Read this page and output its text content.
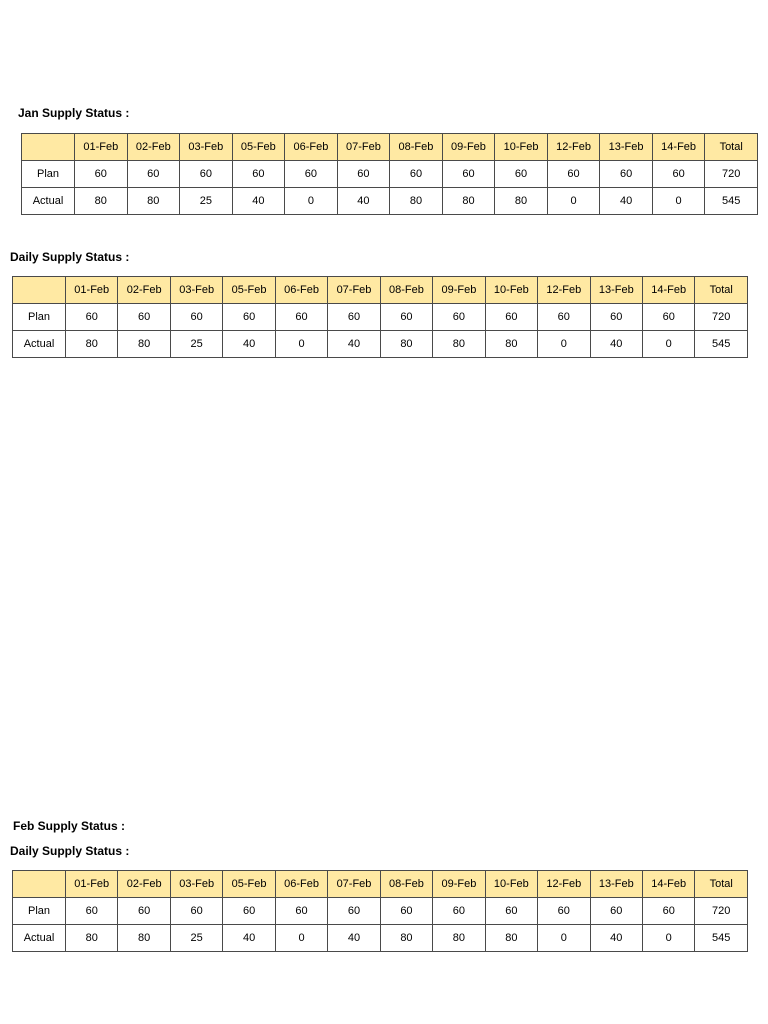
Jan Supply Status :
	01-Feb	02-Feb	03-Feb	05-Feb	06-Feb	07-Feb	08-Feb	09-Feb	10-Feb	12-Feb	13-Feb	14-Feb	Total
Plan	60	60	60	60	60	60	60	60	60	60	60	60	720
Actual	80	80	25	40	0	40	80	80	80	0	40	0	545
Daily Supply Status :
	01-Feb	02-Feb	03-Feb	05-Feb	06-Feb	07-Feb	08-Feb	09-Feb	10-Feb	12-Feb	13-Feb	14-Feb	Total
Plan	60	60	60	60	60	60	60	60	60	60	60	60	720
Actual	80	80	25	40	0	40	80	80	80	0	40	0	545
Feb Supply Status :
Daily Supply Status :
	01-Feb	02-Feb	03-Feb	05-Feb	06-Feb	07-Feb	08-Feb	09-Feb	10-Feb	12-Feb	13-Feb	14-Feb	Total
Plan	60	60	60	60	60	60	60	60	60	60	60	60	720
Actual	80	80	25	40	0	40	80	80	80	0	40	0	545
